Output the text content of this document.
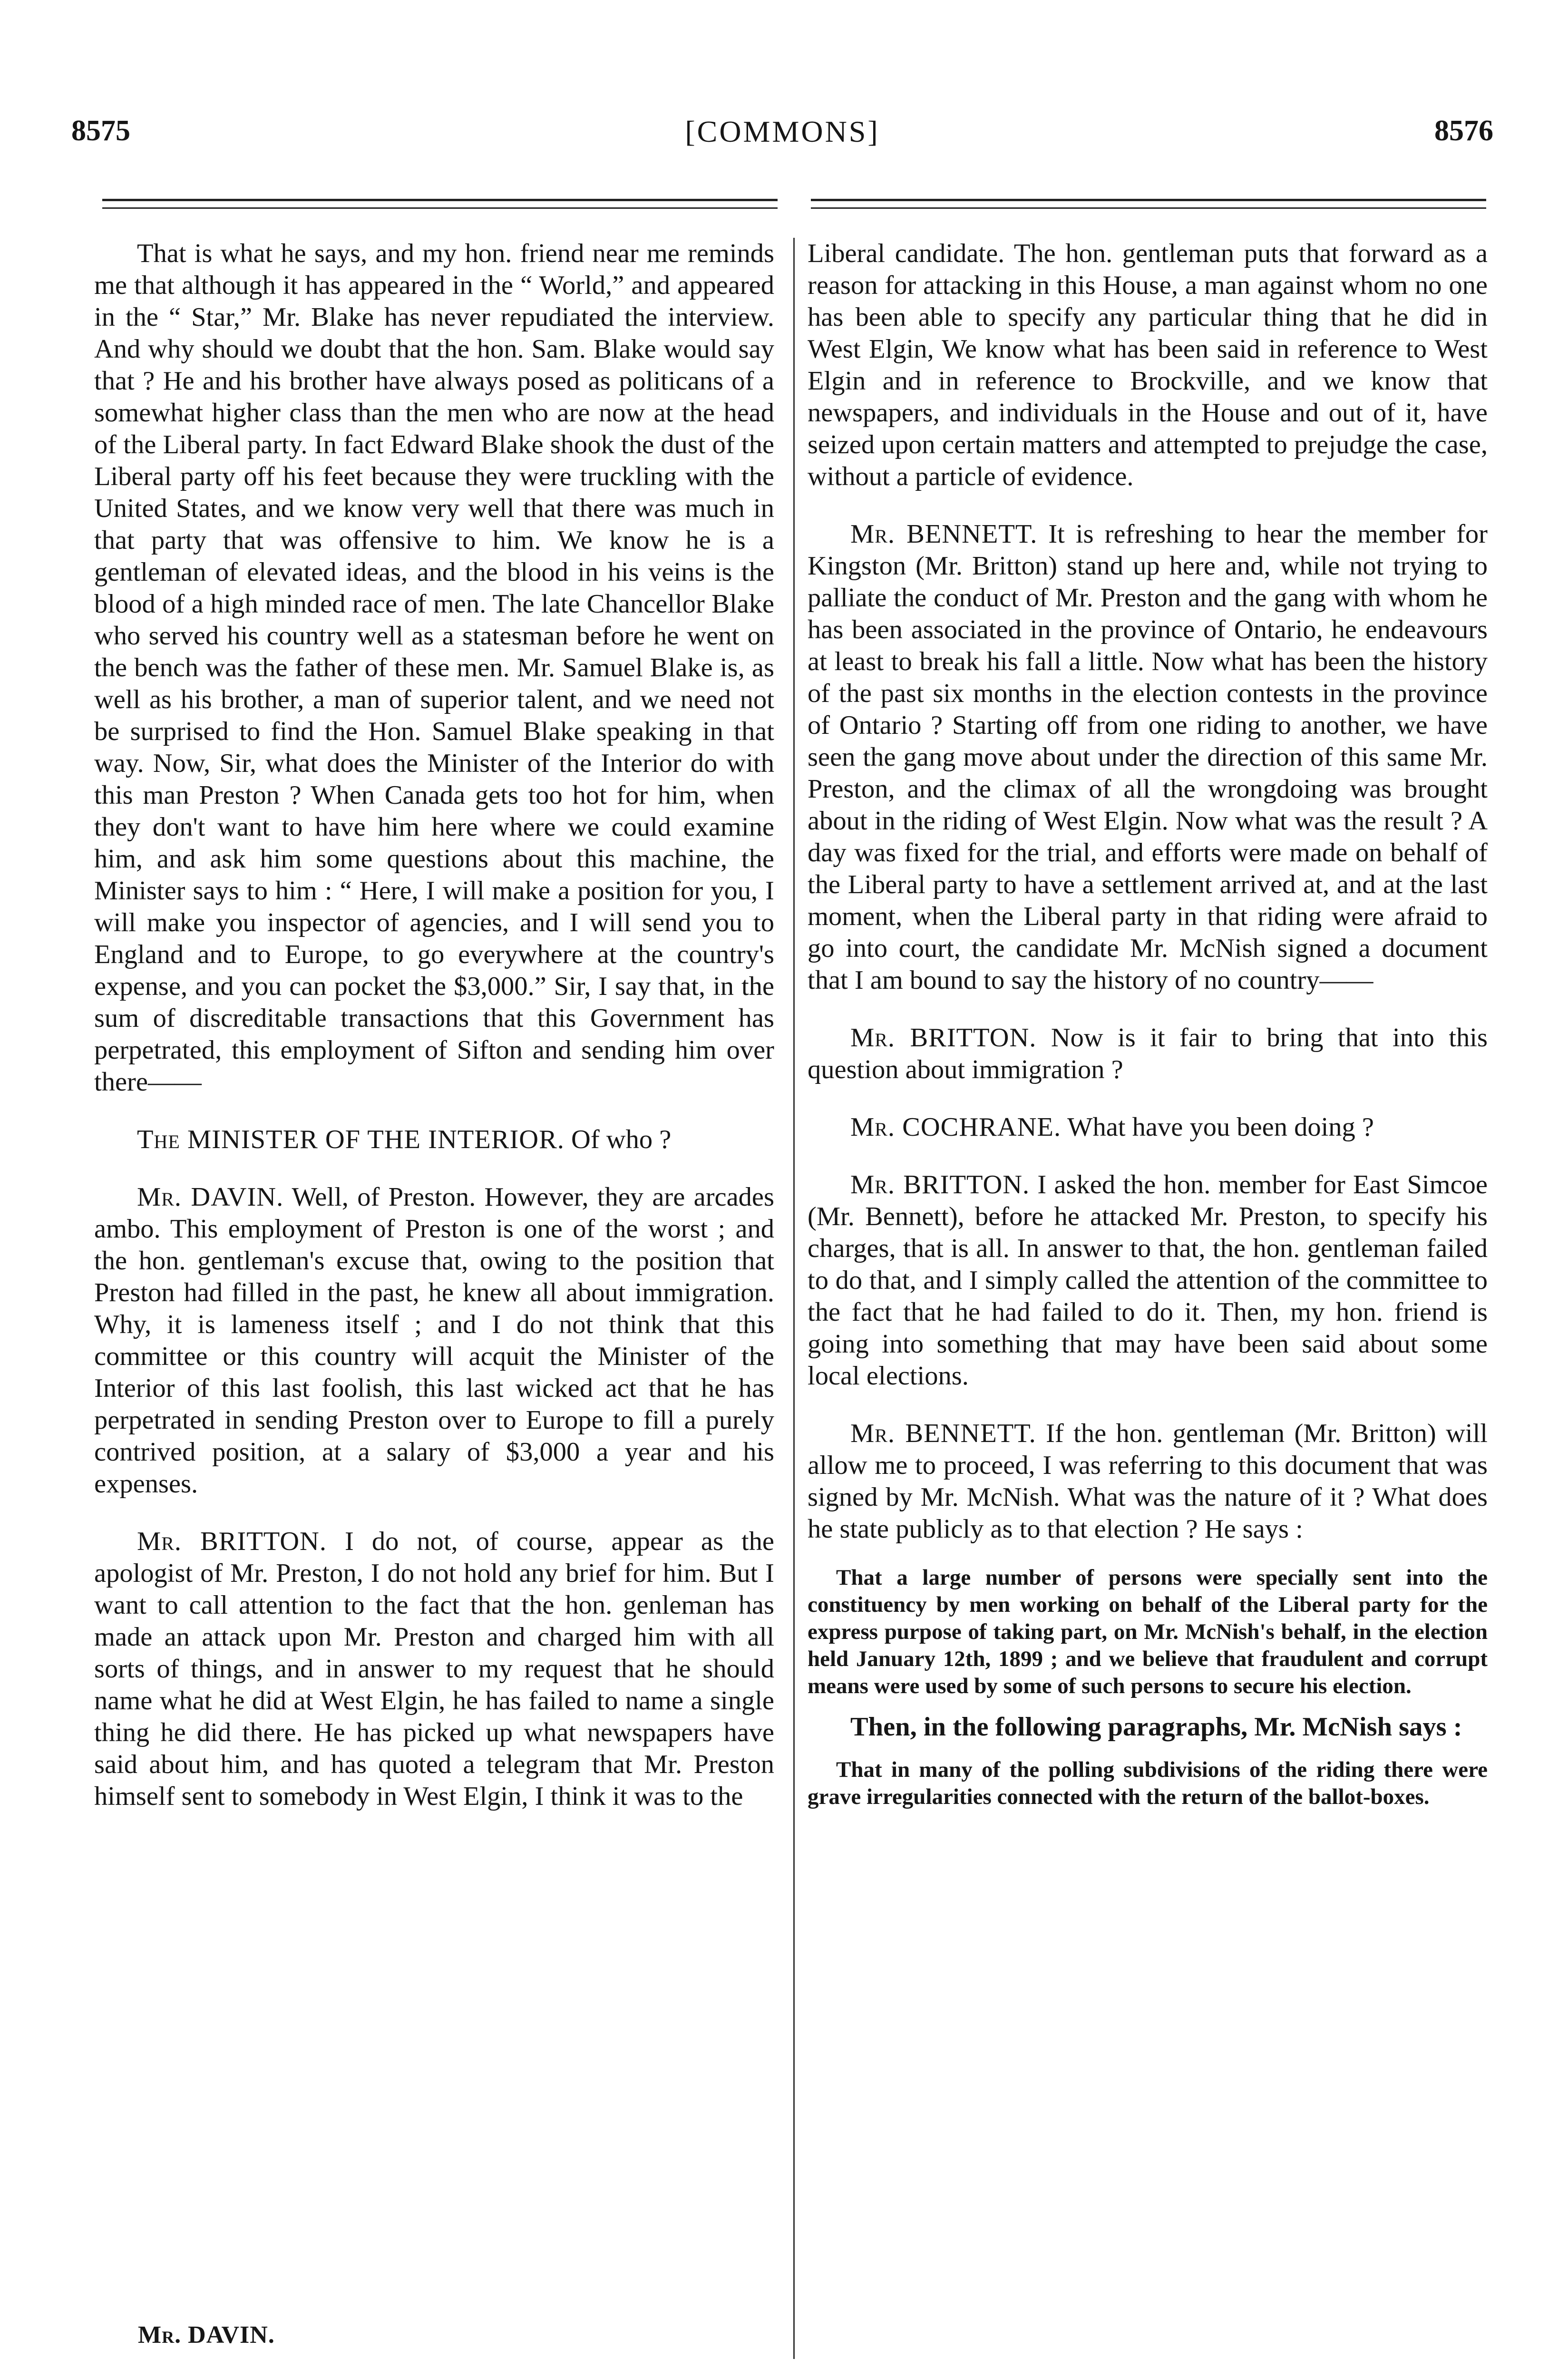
8575	[COMMONS]	8576

That is what he says, and my hon. friend near me reminds me that although it has appeared in the “ World,” and appeared in the “ Star,” Mr. Blake has never repudiated the interview. And why should we doubt that the hon. Sam. Blake would say that ? He and his brother have always posed as politicans of a somewhat higher class than the men who are now at the head of the Liberal party. In fact Edward Blake shook the dust of the Liberal party off his feet because they were truckling with the United States, and we know very well that there was much in that party that was offensive to him. We know he is a gentleman of elevated ideas, and the blood in his veins is the blood of a high minded race of men. The late Chancellor Blake who served his country well as a statesman before he went on the bench was the father of these men. Mr. Samuel Blake is, as well as his brother, a man of superior talent, and we need not be surprised to find the Hon. Samuel Blake speaking in that way. Now, Sir, what does the Minister of the Interior do with this man Preston ? When Canada gets too hot for him, when they don't want to have him here where we could examine him, and ask him some questions about this machine, the Minister says to him : “ Here, I will make a position for you, I will make you inspector of agencies, and I will send you to England and to Europe, to go everywhere at the country's expense, and you can pocket the $3,000.” Sir, I say that, in the sum of discreditable transactions that this Government has perpetrated, this employment of Sifton and sending him over there——

The MINISTER OF THE INTERIOR. Of who ?

Mr. DAVIN. Well, of Preston. However, they are arcades ambo. This employment of Preston is one of the worst ; and the hon. gentleman's excuse that, owing to the position that Preston had filled in the past, he knew all about immigration. Why, it is lameness itself ; and I do not think that this committee or this country will acquit the Minister of the Interior of this last foolish, this last wicked act that he has perpetrated in sending Preston over to Europe to fill a purely contrived position, at a salary of $3,000 a year and his expenses.

Mr. BRITTON. I do not, of course, appear as the apologist of Mr. Preston, I do not hold any brief for him. But I want to call attention to the fact that the hon. genleman has made an attack upon Mr. Preston and charged him with all sorts of things, and in answer to my request that he should name what he did at West Elgin, he has failed to name a single thing he did there. He has picked up what newspapers have said about him, and has quoted a telegram that Mr. Preston himself sent to somebody in West Elgin, I think it was to the

Mr. DAVIN.

Liberal candidate. The hon. gentleman puts that forward as a reason for attacking in this House, a man against whom no one has been able to specify any particular thing that he did in West Elgin, We know what has been said in reference to West Elgin and in reference to Brockville, and we know that newspapers, and individuals in the House and out of it, have seized upon certain matters and attempted to prejudge the case, without a particle of evidence.

Mr. BENNETT. It is refreshing to hear the member for Kingston (Mr. Britton) stand up here and, while not trying to palliate the conduct of Mr. Preston and the gang with whom he has been associated in the province of Ontario, he endeavours at least to break his fall a little. Now what has been the history of the past six months in the election contests in the province of Ontario ? Starting off from one riding to another, we have seen the gang move about under the direction of this same Mr. Preston, and the climax of all the wrongdoing was brought about in the riding of West Elgin. Now what was the result ? A day was fixed for the trial, and efforts were made on behalf of the Liberal party to have a settlement arrived at, and at the last moment, when the Liberal party in that riding were afraid to go into court, the candidate Mr. McNish signed a document that I am bound to say the history of no country——

Mr. BRITTON. Now is it fair to bring that into this question about immigration ?

Mr. COCHRANE. What have you been doing ?

Mr. BRITTON. I asked the hon. member for East Simcoe (Mr. Bennett), before he attacked Mr. Preston, to specify his charges, that is all. In answer to that, the hon. gentleman failed to do that, and I simply called the attention of the committee to the fact that he had failed to do it. Then, my hon. friend is going into something that may have been said about some local elections.

Mr. BENNETT. If the hon. gentleman (Mr. Britton) will allow me to proceed, I was referring to this document that was signed by Mr. McNish. What was the nature of it ? What does he state publicly as to that election ? He says :

That a large number of persons were specially sent into the constituency by men working on behalf of the Liberal party for the express purpose of taking part, on Mr. McNish's behalf, in the election held January 12th, 1899 ; and we believe that fraudulent and corrupt means were used by some of such persons to secure his election.

Then, in the following paragraphs, Mr. McNish says :

That in many of the polling subdivisions of the riding there were grave irregularities connected with the return of the ballot-boxes.
